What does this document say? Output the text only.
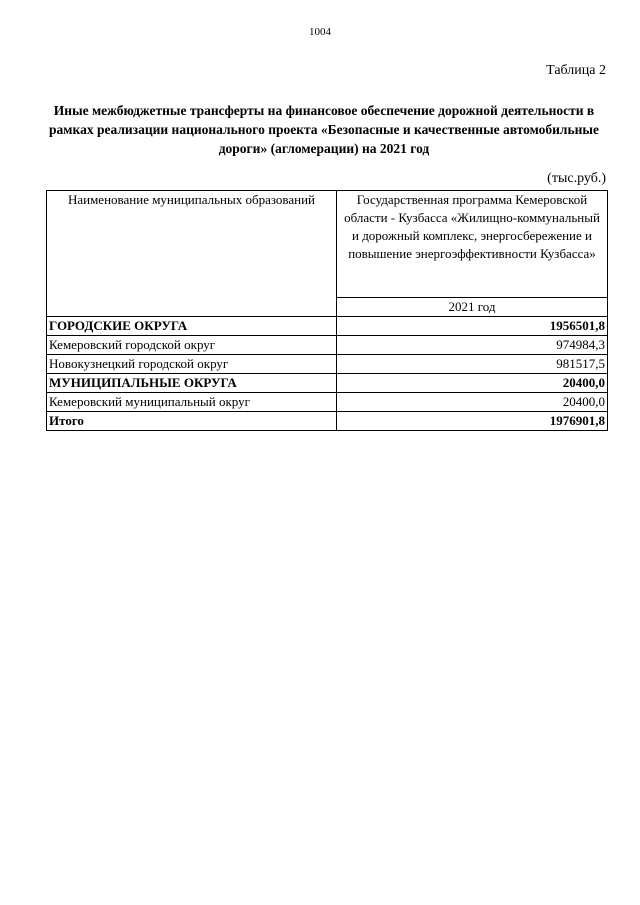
1004
Таблица 2
Иные межбюджетные трансферты на финансовое обеспечение дорожной деятельности в рамках реализации национального проекта «Безопасные и качественные автомобильные дороги» (агломерации) на 2021 год
(тыс.руб.)
Наименование муниципальных образований	Государственная программа Кемеровской области - Кузбасса «Жилищно-коммунальный и дорожный комплекс, энергосбережение и повышение энергоэффективности Кузбасса»
	2021 год
ГОРОДСКИЕ ОКРУГА	1956501,8
Кемеровский городской округ	974984,3
Новокузнецкий городской округ	981517,5
МУНИЦИПАЛЬНЫЕ ОКРУГА	20400,0
Кемеровский муниципальный округ	20400,0
Итого	1976901,8
